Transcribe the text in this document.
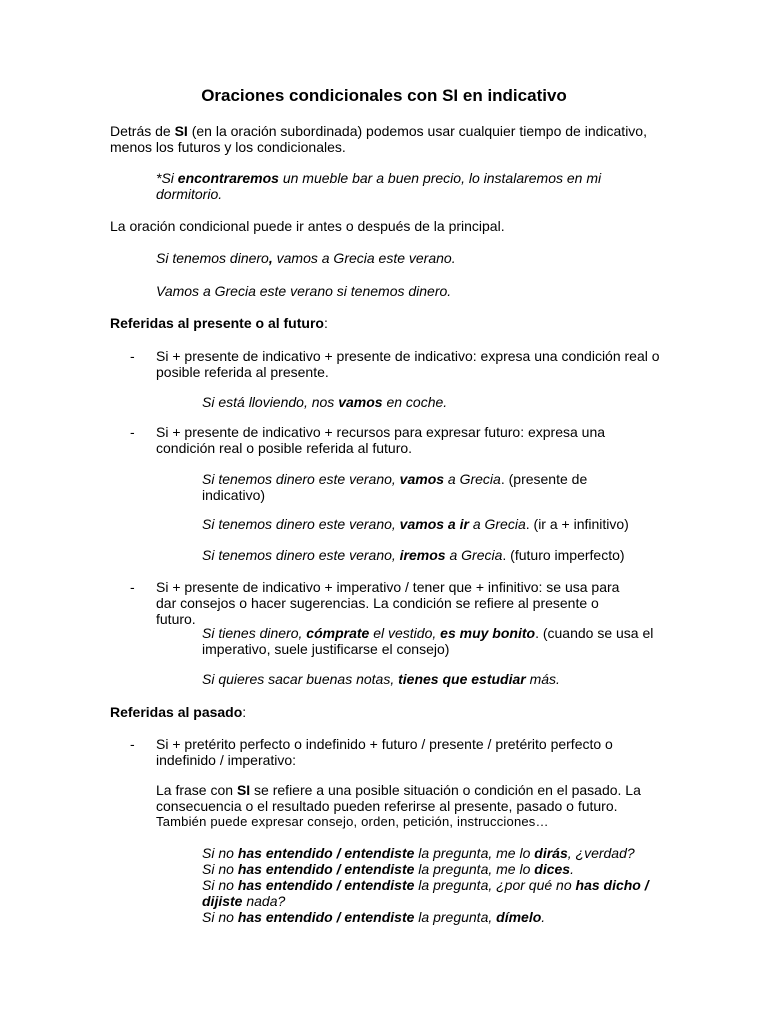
Oraciones condicionales con SI en indicativo

Detrás de SI (en la oración subordinada) podemos usar cualquier tiempo de indicativo, menos los futuros y los condicionales.

*Si encontraremos un mueble bar a buen precio, lo instalaremos en mi dormitorio.

La oración condicional puede ir antes o después de la principal.

Si tenemos dinero, vamos a Grecia este verano.

Vamos a Grecia este verano si tenemos dinero.

Referidas al presente o al futuro:

- Si + presente de indicativo + presente de indicativo: expresa una condición real o posible referida al presente.

Si está lloviendo, nos vamos en coche.

- Si + presente de indicativo + recursos para expresar futuro: expresa una condición real o posible referida al futuro.

Si tenemos dinero este verano, vamos a Grecia. (presente de indicativo)

Si tenemos dinero este verano, vamos a ir a Grecia. (ir a + infinitivo)

Si tenemos dinero este verano, iremos a Grecia. (futuro imperfecto)

- Si + presente de indicativo + imperativo / tener que + infinitivo: se usa para dar consejos o hacer sugerencias. La condición se refiere al presente o futuro.

Si tienes dinero, cómprate el vestido, es muy bonito. (cuando se usa el imperativo, suele justificarse el consejo)

Si quieres sacar buenas notas, tienes que estudiar más.

Referidas al pasado:

- Si + pretérito perfecto o indefinido + futuro / presente / pretérito perfecto o indefinido / imperativo:

La frase con SI se refiere a una posible situación o condición en el pasado. La consecuencia o el resultado pueden referirse al presente, pasado o futuro.

También puede expresar consejo, orden, petición, instrucciones…

Si no has entendido / entendiste la pregunta, me lo dirás, ¿verdad?
Si no has entendido / entendiste la pregunta, me lo dices.
Si no has entendido / entendiste la pregunta, ¿por qué no has dicho / dijiste nada?
Si no has entendido / entendiste la pregunta, dímelo.
